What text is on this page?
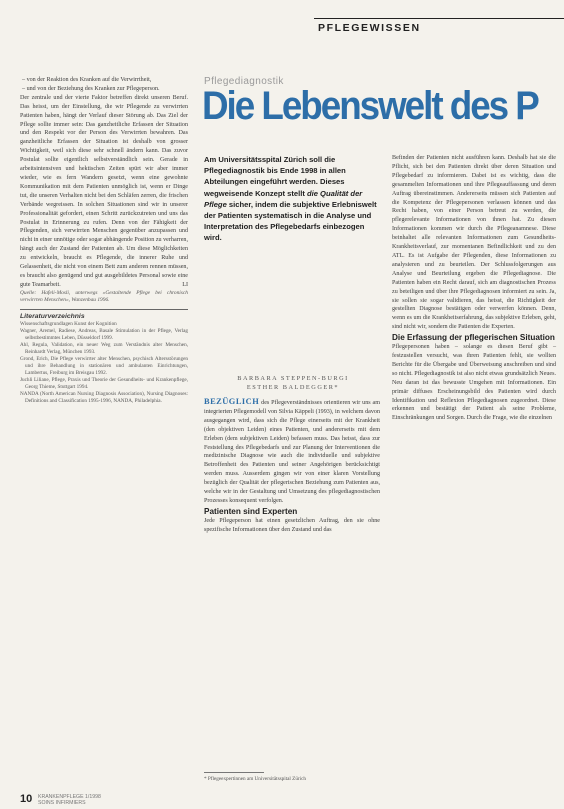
PFLEGEWISSEN

– von der Reaktion des Kranken auf die Verwirrtheit,

– und von der Beziehung des Kranken zur Pflegeperson.

Der zentrale und der vierte Faktor betreffen direkt unseren Beruf. Das heisst, um der Einstellung, die wir Pflegende zu verwirrten Patienten haben, hängt der Verlauf dieser Störung ab. Das Ziel der Pflege sollte immer sein: Das ganzheitliche Erfassen der Situation und den Respekt vor der Person des Verwirrten bewahren. Das ganzheitliche Erfassen der Situation ist deshalb von grosser Wichtigkeit, weil sich diese sehr schnell ändern kann. Das zuvor Postulat sollte eigentlich selbstverständlich sein. Gerade in arbeitsintensiven und hektischen Zeiten spürt wir aber immer wieder, wie es fern Wandern gesetzt, wenn eine gewohnte Kommunikation mit dem Patienten unmöglich ist, wenn er Dinge tut, die unseren Verhalten nicht bei den Schläfen zerren, die frischen Verbände wegreissen. In solchen Situationen sind wir in unserer Professionalität gefordert, einen Schritt zurückzutreten und uns das Postulat in Erinnerung zu rufen. Denn von der Fähigkeit der Pflegenden, sich verwirrten Menschen gegenüber anzupassen und nicht in einer unnötige oder sogar abhängende Position zu verharren, hängt auch der Zustand der Patienten ab. Um diese Möglichkeiten zu entwickeln, braucht es Pflegende, die innerer Ruhe und Gelassenheit, die nicht von einem Bett zum anderen rennen müssen, es braucht also genügend und gut ausgebildetes Personal sowie eine gute Teamarbeit.	LI

Quelle: Hafeli-Mosli, unterwegs »Gestaltende Pflege bei chronisch verwirrten Menschen«, Wanzenbau 1996.

Literaturverzeichnis

Wissenschaftsgrundlagen Kunst der Kognition

Wagner, Aremel, Radiese, Andreas, Basale Stimulation in der Pflege, Verlag selbstbestimmtes Leben, Düsseldorf 1999.

Ahl, Regula, Validation, ein neuer Weg zum Verständnis alter Menschen, Reinhardt Verlag, München 1993.

Grond, Erich, Die Pflege verwirrter alter Menschen, psychisch Altersstörungen und ihre Behandlung in stationären und ambulanten Einrichtungen, Lambertus, Freiburg im Breisgau 1992.

Juchli Liliane, Pflege, Praxis und Theorie der Gesundheits- und Krankenpflege, Georg Thieme, Stuttgart 1994.

NANDA (North American Nursing Diagnosis Association), Nursing Diagnoses: Definitions and Classification 1995-1996, NANDA, Philadelphia.

Pflegediagnostik
Die Lebenswelt des P
Am Universitätsspital Zürich soll die Pflegediagnostik bis Ende 1998 in allen Abteilungen eingeführt werden. Dieses wegweisende Konzept stellt die Qualität der Pflege sicher, indem die subjektive Erlebniswelt der Patienten systematisch in die Analyse und Interpretation des Pflegebedarfs einbezogen wird.
BARBARA STEPPEN-BURGI
ESTHER BALDEGGER*

BEZÜGLICH des Pflegeverständnisses orientieren wir uns am integrierten Pflegemodell von Silvia Käppeli (1993), in welchem davon ausgegangen wird, dass sich die Pflege einerseits mit der Krankheit (den objektiven Leiden) eines Patienten, und andererseits mit dem Erleben (dem subjektiven Leiden) befassen muss. Das heisst, dass zur Feststellung des Pflegebedarfs und zur Planung der Interventionen die medizinische Diagnose wie auch die individuelle und subjektive Betroffenheit des Patienten und seiner Angehörigen berücksichtigt werden muss. Ausserdem gingen wir von einer klaren Vorstellung bezüglich der Qualität der pflegerischen Beziehung zum Patienten aus, welche wir in der Gestaltung und Umsetzung des pflegediagnostischen Prozesses konsequent verfolgen.

Patienten sind Experten

Jede Pflegeperson hat einen gesetzlichen Auftrag, den sie ohne spezifische Informationen über den Zustand und das

* Pflegeexpertinnen am Universitätsspital Zürich

Befinden der Patienten nicht ausführen kann. Deshalb hat sie die Pflicht, sich bei den Patienten direkt über deren Situation und Pflegebedarf zu informieren. Dabei ist es wichtig, dass die gesammelten Informationen und ihre Pflegeauffassung und deren Auftrag übereinstimmen. Andererseits müssen sich Patienten auf die Kompetenz der Pflegepersonen verlassen können und das Recht haben, von einer Person betreut zu werden, die pflegerelevante Informationen von ihnen hat. Zu diesen Informationen kommen wir durch die Pflegeanamnese. Diese beinhaltet alle relevanten Informationen zum Gesundheits-Krankheitsverlauf, zur momentanen Befindlichkeit und zu den ATL. Es ist Aufgabe der Pflegenden, diese Informationen zu analysieren und zu beurteilen. Der Schlussfolgerungen aus Analyse und Beurteilung ergeben die Pflegediagnose. Die Patienten haben ein Recht darauf, sich am diagnostischen Prozess zu beteiligen und über ihre Pflegediagnosen informiert zu sein. Ja, sie sollen sie sogar validieren, das heisst, die Richtigkeit der gestellten Diagnose bestätigen oder verwerfen können. Denn, wenn es um die Krankheitserfahrung, das subjektive Erleben, geht, sind nicht wir, sondern die Patienten die Experten.

Die Erfassung der pflegerischen Situation

Pflegepersonen haben – solange es diesen Beruf gibt – festzustellen versucht, was ihren Patienten fehlt, sie wollten Berichte für die Übergabe und Überweisung anschreiben und sind so nicht. Pflegediagnostik ist also nicht etwas grundsätzlich Neues. Neu daran ist das bewusste Umgehen mit Informationen. Ein primär diffuses Erscheinungsbild des Patienten wird durch Identifikation und Reflexion Pflegediagnosen zugeordnet. Diese erkennen und bestätigt der Patient als seine Probleme, Einschränkungen und Sorgen. Durch die Frage, wie die einzelnen

10 KRANKENPFLEGE 1/1998
SOINS INFIRMIERS
